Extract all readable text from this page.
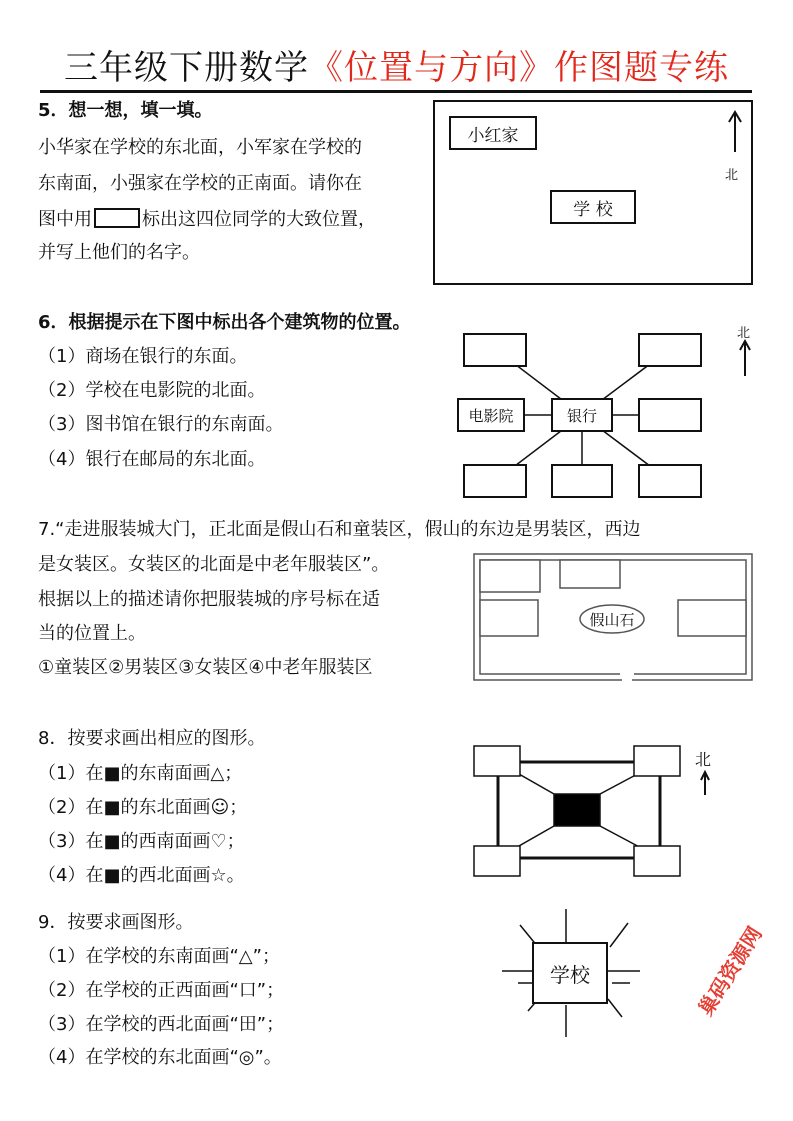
三年级下册数学《位置与方向》作图题专练
5．想一想，填一填。
小华家在学校的东北面，小军家在学校的
东南面，小强家在学校的正南面。请你在
图中用	标出这四位同学的大致位置，
并写上他们的名字。
小红家
学 校
北
6．根据提示在下图中标出各个建筑物的位置。
（1）商场在银行的东面。
（2）学校在电影院的北面。
（3）图书馆在银行的东南面。
（4）银行在邮局的东北面。
电影院	银行
北
7.“走进服装城大门，正北面是假山石和童装区，假山的东边是男装区，西边
是女装区。女装区的北面是中老年服装区”。
根据以上的描述请你把服装城的序号标在适
当的位置上。
①童装区②男装区③女装区④中老年服装区
假山石
8．按要求画出相应的图形。
（1）在■的东南面画△；
（2）在■的东北面画☺；
（3）在■的西南面画♡；
（4）在■的西北面画☆。
北
9．按要求画图形。
（1）在学校的东南面画“△”；
（2）在学校的正西面画“口”；
（3）在学校的西北面画“田”；
（4）在学校的东北面画“◎”。
学校	巢码资源网
